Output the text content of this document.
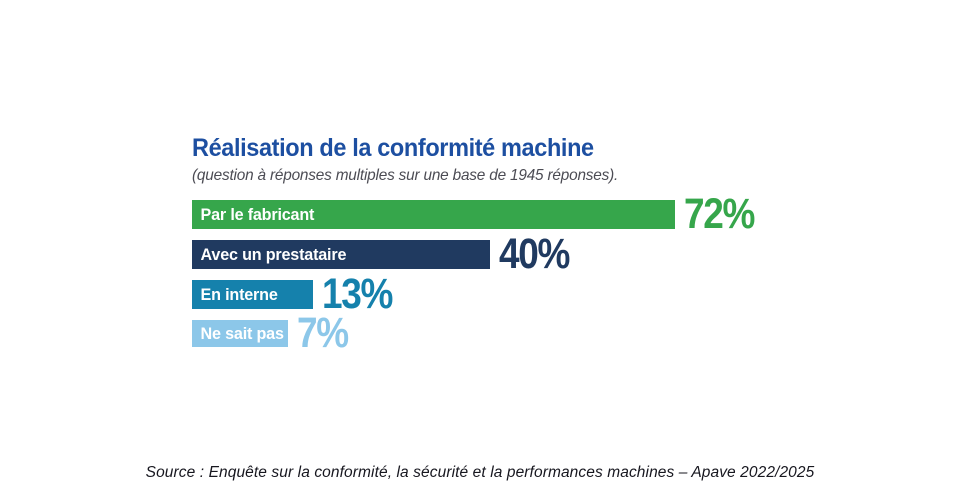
Réalisation de la conformité machine

(question à réponses multiples sur une base de 1945 réponses).

Par le fabricant	72%
Avec un prestataire	40%
En interne 13%
Ne sait pas 7%

Source : Enquête sur la conformité, la sécurité et la performances machines – Apave 2022/2025
